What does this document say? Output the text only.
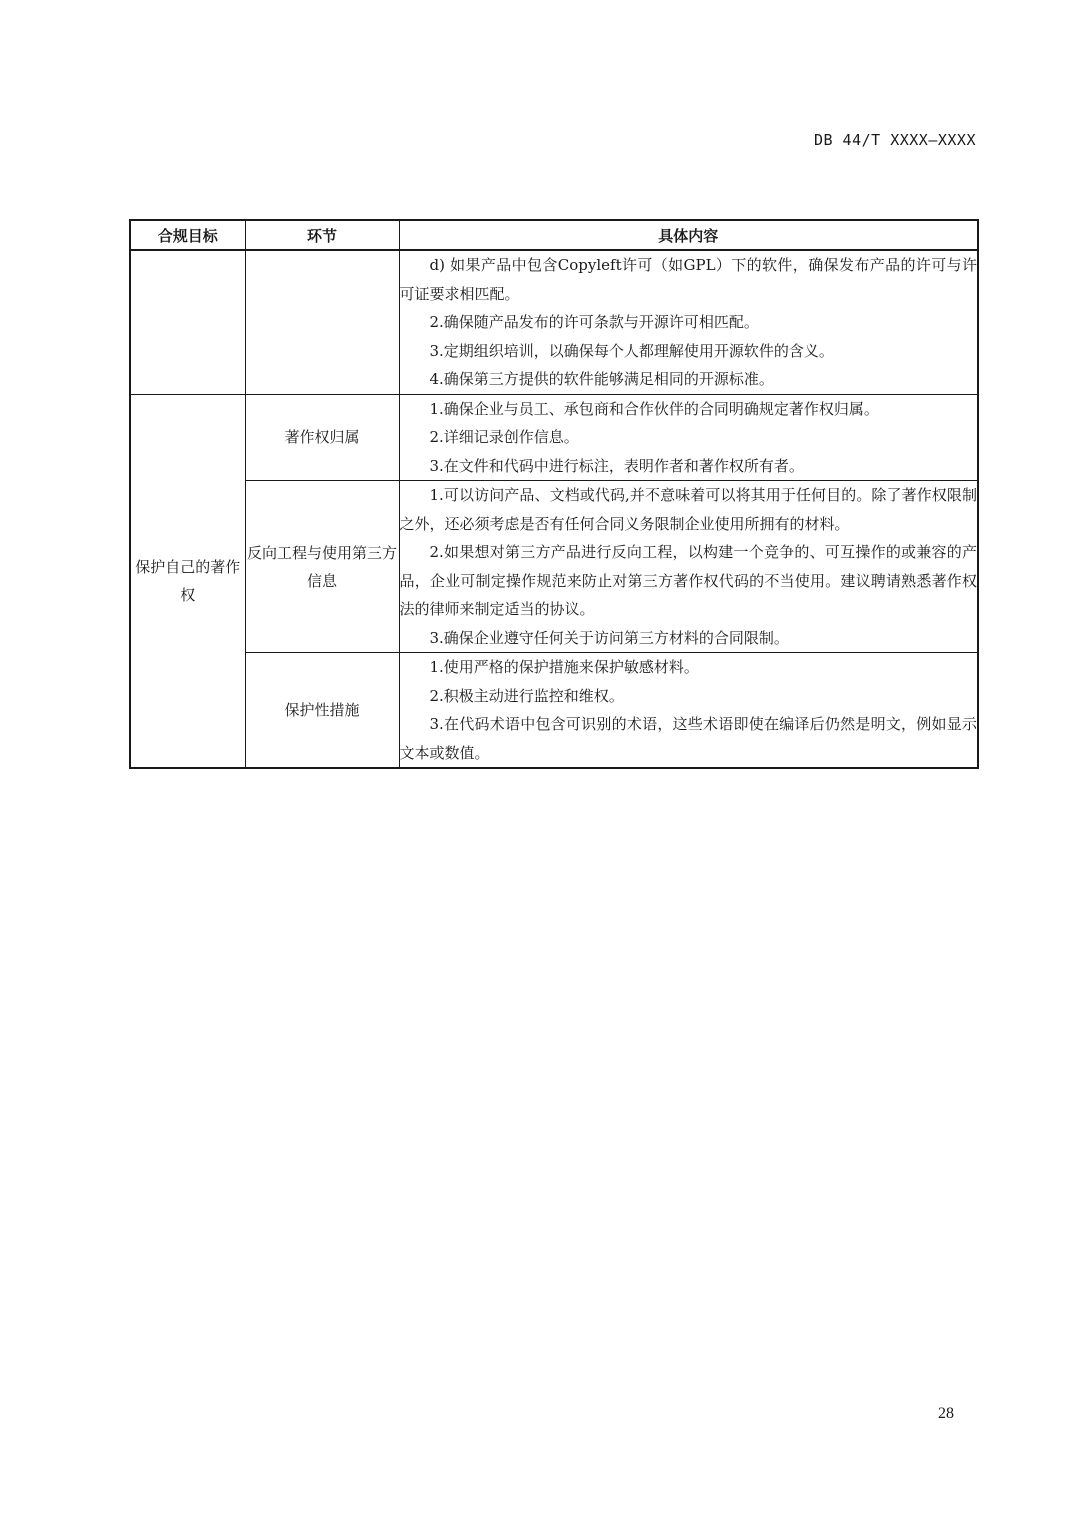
DB 44/T XXXX—XXXX
合规目标	环节	具体内容

		d) 如果产品中包含Copyleft许可（如GPL）下的软件，确保发布产品的许可与许可证要求相匹配。

2.确保随产品发布的许可条款与开源许可相匹配。

3.定期组织培训，以确保每个人都理解使用开源软件的含义。

4.确保第三方提供的软件能够满足相同的开源标准。

保护自己的著作权	著作权归属	1.确保企业与员工、承包商和合作伙伴的合同明确规定著作权归属。

2.详细记录创作信息。

3.在文件和代码中进行标注，表明作者和著作权所有者。

	反向工程与使用第三方信息	1.可以访问产品、文档或代码,并不意味着可以将其用于任何目的。除了著作权限制之外，还必须考虑是否有任何合同义务限制企业使用所拥有的材料。

2.如果想对第三方产品进行反向工程，以构建一个竞争的、可互操作的或兼容的产品，企业可制定操作规范来防止对第三方著作权代码的不当使用。建议聘请熟悉著作权法的律师来制定适当的协议。

3.确保企业遵守任何关于访问第三方材料的合同限制。

	保护性措施	1.使用严格的保护措施来保护敏感材料。

2.积极主动进行监控和维权。

3.在代码术语中包含可识别的术语，这些术语即使在编译后仍然是明文，例如显示文本或数值。

28
